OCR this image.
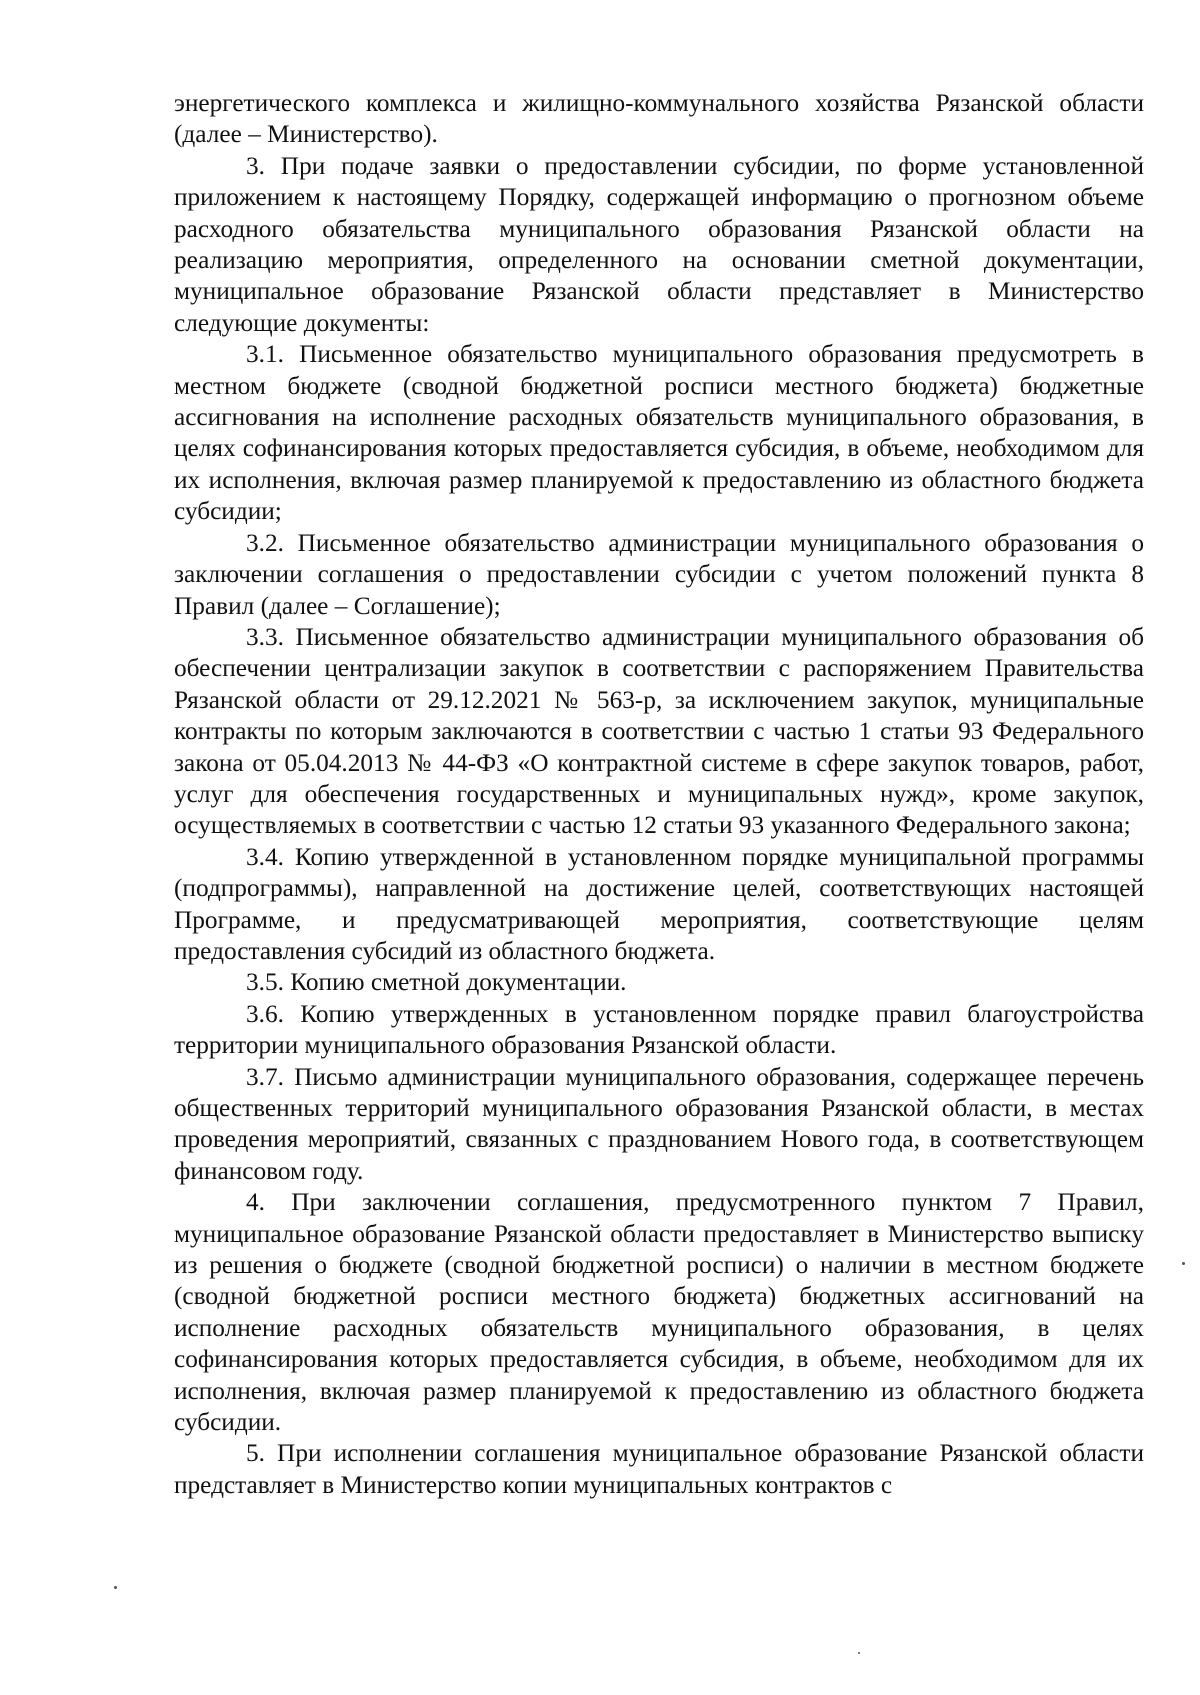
энергетического комплекса и жилищно-коммунального хозяйства Рязанской области (далее – Министерство).

3. При подаче заявки о предоставлении субсидии, по форме установленной приложением к настоящему Порядку, содержащей информацию о прогнозном объеме расходного обязательства муниципального образования Рязанской области на реализацию мероприятия, определенного на основании сметной документации, муниципальное образование Рязанской области представляет в Министерство следующие документы:

3.1. Письменное обязательство муниципального образования предусмотреть в местном бюджете (сводной бюджетной росписи местного бюджета) бюджетные ассигнования на исполнение расходных обязательств муниципального образования, в целях софинансирования которых предоставляется субсидия, в объеме, необходимом для их исполнения, включая размер планируемой к предоставлению из областного бюджета субсидии;

3.2. Письменное обязательство администрации муниципального образования о заключении соглашения о предоставлении субсидии с учетом положений пункта 8 Правил (далее – Соглашение);

3.3. Письменное обязательство администрации муниципального образования об обеспечении централизации закупок в соответствии с распоряжением Правительства Рязанской области от 29.12.2021 № 563-р, за исключением закупок, муниципальные контракты по которым заключаются в соответствии с частью 1 статьи 93 Федерального закона от 05.04.2013 № 44-ФЗ «О контрактной системе в сфере закупок товаров, работ, услуг для обеспечения государственных и муниципальных нужд», кроме закупок, осуществляемых в соответствии с частью 12 статьи 93 указанного Федерального закона;

3.4. Копию утвержденной в установленном порядке муниципальной программы (подпрограммы), направленной на достижение целей, соответствующих настоящей Программе, и предусматривающей мероприятия, соответствующие целям предоставления субсидий из областного бюджета.

3.5. Копию сметной документации.

3.6. Копию утвержденных в установленном порядке правил благоустройства территории муниципального образования Рязанской области.

3.7. Письмо администрации муниципального образования, содержащее перечень общественных территорий муниципального образования Рязанской области, в местах проведения мероприятий, связанных с празднованием Нового года, в соответствующем финансовом году.

4. При заключении соглашения, предусмотренного пунктом 7 Правил, муниципальное образование Рязанской области предоставляет в Министерство выписку из решения о бюджете (сводной бюджетной росписи) о наличии в местном бюджете (сводной бюджетной росписи местного бюджета) бюджетных ассигнований на исполнение расходных обязательств муниципального образования, в целях софинансирования которых предоставляется субсидия, в объеме, необходимом для их исполнения, включая размер планируемой к предоставлению из областного бюджета субсидии.

5. При исполнении соглашения муниципальное образование Рязанской области представляет в Министерство копии муниципальных контрактов с
